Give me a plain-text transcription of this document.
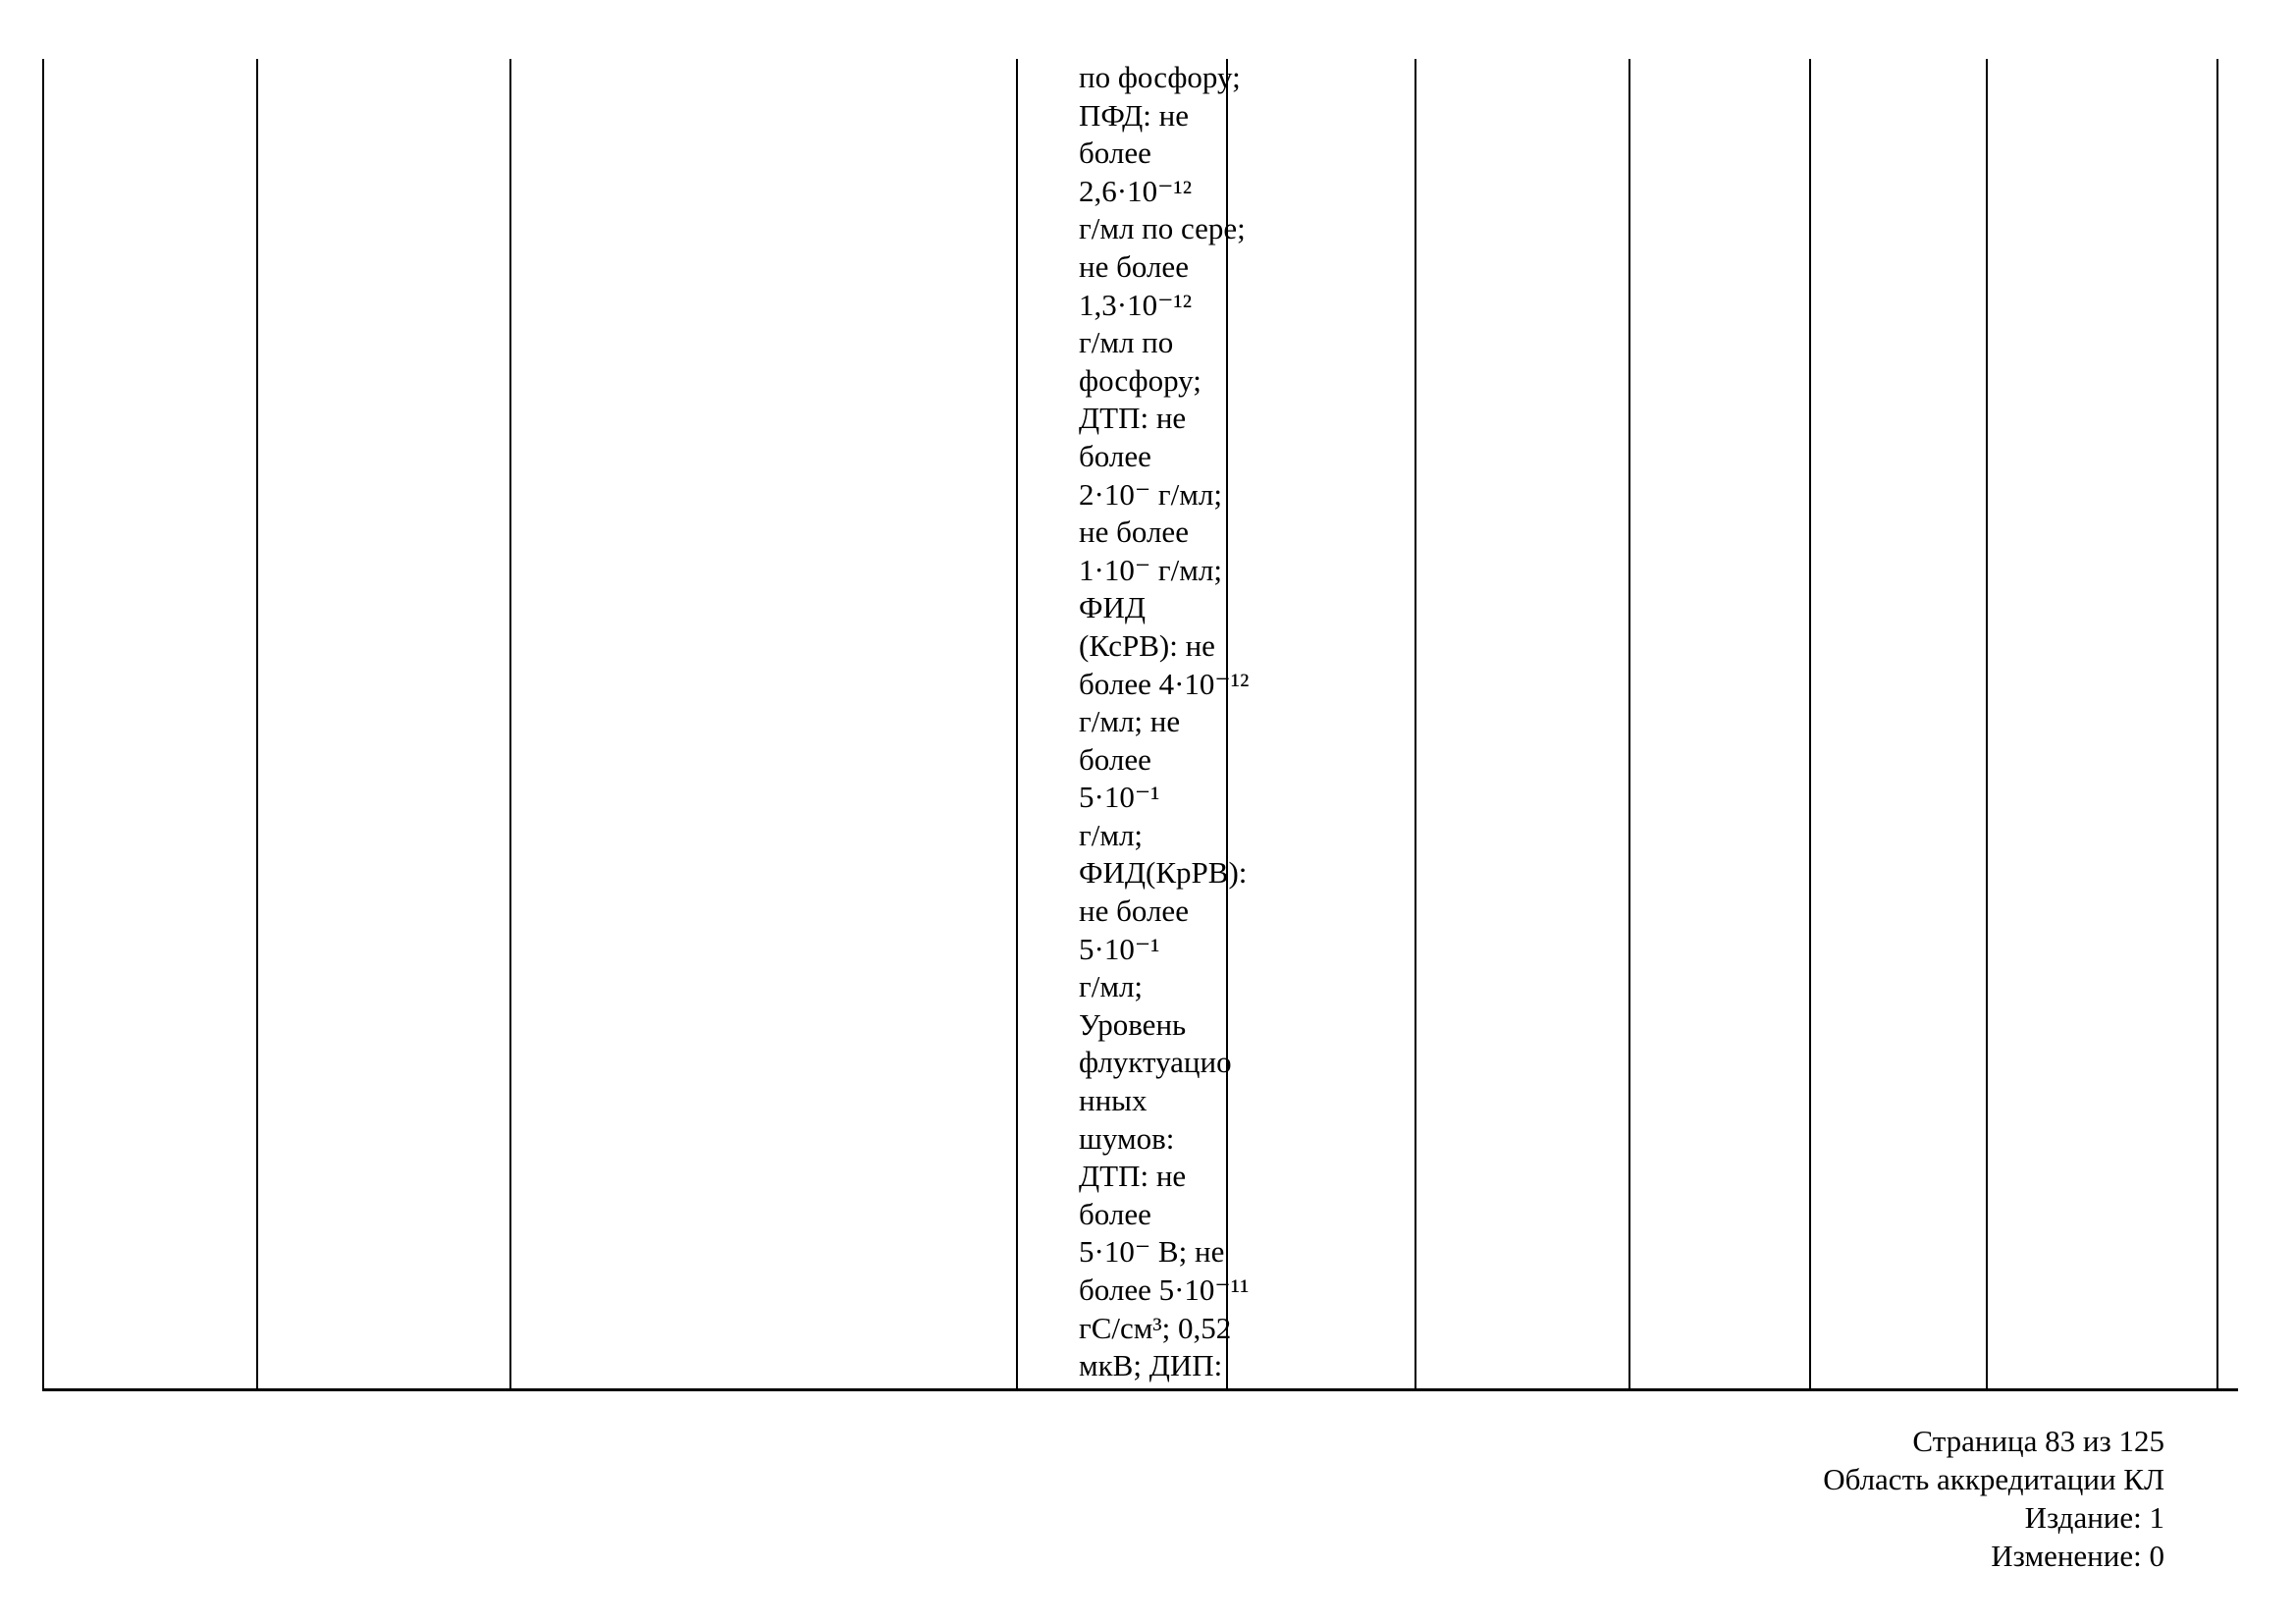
по фосфору;
ПФД: не
более
2,6·10⁻¹²
г/мл по сере;
не более
1,3·10⁻¹²
г/мл по
фосфору;
ДТП: не
более
2·10⁻ г/мл;
не более
1·10⁻ г/мл;
ФИД
(КсРВ): не
более 4·10⁻¹²
г/мл; не
более
5·10⁻¹
г/мл;
ФИД(КрРВ):
не более
5·10⁻¹
г/мл;
Уровень
флуктуацио
нных
шумов:
ДТП: не
более
5·10⁻ В; не
более 5·10⁻¹¹
гС/см³; 0,52
мкВ; ДИП:
Страница 83 из 125
Область аккредитации КЛ
Издание: 1
Изменение: 0
